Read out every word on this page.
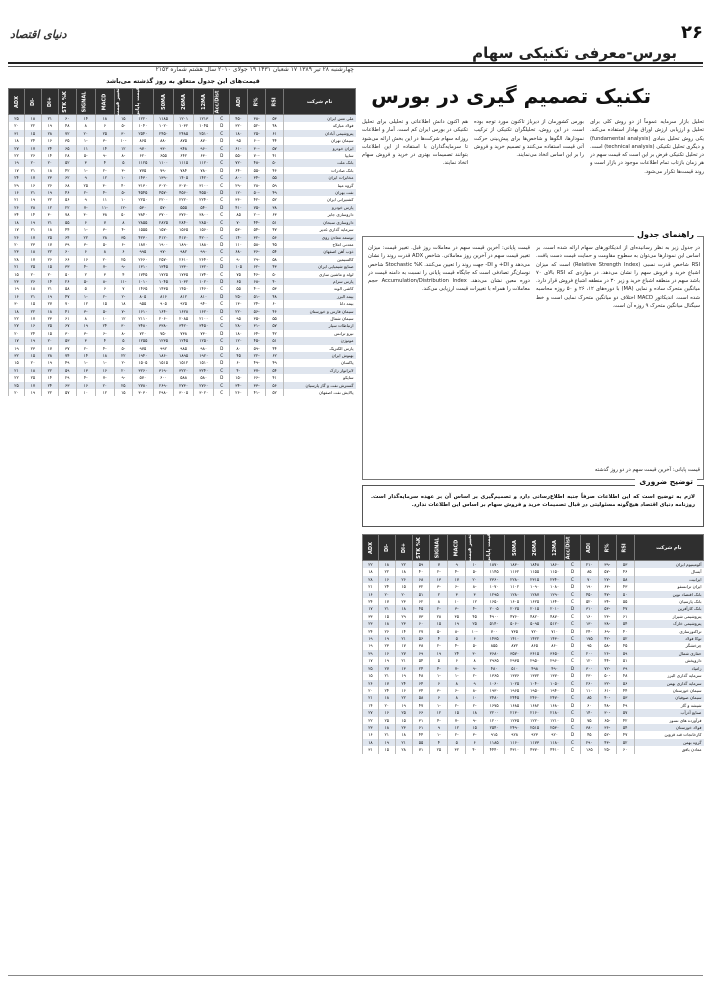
دنیای اقتصاد	۲۶
بورس-معرفی تکنیکی سهام
چهارشنبه ۲۸ تیر ۱۳۸۹ ۱۷ شعبان ۱۴۳۱ ۱۹ جولای ۲۰۱۰ سال هشتم شماره ۲۱۵۳
قیمت‌های این جدول متعلق به روز گذشته می‌باشد
تکنیک تصمیم گیری در بورس
تحلیل بازار سرمایه عموماً از دو روش کلی برای تحلیل و ارزیابی ارزش اوراق بهادار استفاده می‌کند. یکی روش تحلیل بنیادی (fundamental analysis) و دیگری تحلیل تکنیکی (technical analysis) است. در تحلیل تکنیکی فرض بر این است که قیمت سهم در هر زمان بازتاب تمام اطلاعات موجود در بازار است و روند قیمت‌ها تکرار می‌شود.
بورس کشورمان از دیرباز تاکنون مورد توجه بوده است. در این روش، تحلیلگران تکنیکی از ترکیب نمودارها، الگوها و شاخص‌ها برای پیش‌بینی حرکت آتی قیمت استفاده می‌کنند و تصمیم خرید و فروش را بر این اساس اتخاذ می‌نمایند.
هم اکنون دانش اطلاعاتی و تحلیلی برای تحلیل تکنیکی در بورس ایران کم است. آمار و اطلاعات روزانه سهام شرکت‌ها در این بخش ارائه می‌شود تا سرمایه‌گذاران با استفاده از این اطلاعات بتوانند تصمیمات بهتری در خرید و فروش سهام اتخاذ نمایند.
راهنمای جدول
در جدول زیر به نظر رسانیده‌ای از اندیکاتورهای سهام ارائه شده است. بر اساس این نمودارها می‌توان به سطوح مقاومت و حمایت قیمت دست یافت. RSI شاخص قدرت نسبی (Relative Strength Index) است که میزان اشباع خرید و فروش سهم را نشان می‌دهد. در مواردی که RSI بالای ۷۰ باشد سهم در منطقه اشباع خرید و زیر ۳۰ در منطقه اشباع فروش قرار دارد. میانگین متحرک ساده و نمایی (MA) با دوره‌های ۱۲، ۲۶ و ۵۰ روزه محاسبه شده است. اندیکاتور MACD اختلاف دو میانگین متحرک نمایی است و خط سیگنال میانگین متحرک ۹ روزه آن است.
قیمت پایانی: آخرین قیمت سهم در معاملات روز قبل. تغییر قیمت: میزان تغییر قیمت سهم در آخرین روز معاملاتی. شاخص ADX قدرت روند را نشان می‌دهد و DI+ و DI- جهت روند را تعیین می‌کنند. Stochastic %K شاخص نوسان‌گر تصادفی است که جایگاه قیمت پایانی را نسبت به دامنه قیمت در دوره معین نشان می‌دهد. Accumulation/Distribution Index حجم معاملات را همراه با تغییرات قیمت ارزیابی می‌کند.
قیمت پایانی: آخرین قیمت سهم در دو روز گذشته
توضیح ضروری
لازم به توضیح است که این اطلاعات صرفاً جنبه اطلاع‌رسانی دارد و تصمیم‌گیری بر اساس آن بر عهده سرمایه‌گذار است. روزنامه دنیای اقتصاد هیچ‌گونه مسئولیتی در قبال تصمیمات خرید و فروش سهام بر اساس این اطلاعات ندارد.
نام شرکت	RSI	%R	ADI	Acc/Dist	12MA	26MA	50MA	قیمت پایانی	تغییر قیمت	MACD	SIGNAL	STK %K	+DI	-DI	ADX
ملی مس ایران	۵۳	-۳۸	۴۵۰	C	۱۲۱۳	۱۲۰۱	۱۱۸۵	۱۲۲۰	۱۵	۱۸	۱۴	۶۰	۲۱	۱۸	۲۵
فولاد مبارکه	۴۸	-۵۲	۳۲۰	D	۱۰۴۵	۱۰۳۲	۱۰۲۰	۱۰۴۰	-۵	۶	۸	۴۸	۱۹	۲۲	۲۰
پتروشیمی آبادان	۶۱	-۲۵	۱۸۰	C	۲۵۱۰	۲۴۸۵	۲۴۵۰	۲۵۴۰	۳۰	۲۵	۲۰	۷۲	۲۸	۱۵	۳۱
سیمان تهران	۴۴	-۶۰	۹۵	D	۸۷۰	۸۷۵	۸۸۰	۸۶۵	-۱۰	-۳	-۱	۳۵	۱۶	۲۴	۱۸
ایران خودرو	۵۷	-۳۰	۶۱۰	C	۹۶۰	۹۴۸	۹۳۰	۹۷۰	۱۲	۱۴	۱۱	۶۵	۲۴	۱۷	۲۷
سایپا	۴۱	-۷۰	۵۵۰	D	۶۳۰	۶۴۲	۶۵۵	۶۲۰	-۸	-۹	-۵	۲۸	۱۴	۲۶	۲۲
بانک ملت	۵۰	-۴۸	۷۲۰	C	۱۱۲۰	۱۱۱۵	۱۱۰۰	۱۱۲۵	۵	۴	۳	۵۲	۲۰	۲۰	۱۹
بانک صادرات	۴۶	-۵۵	۶۴۰	D	۷۸۰	۷۸۴	۷۹۰	۷۷۵	-۳	-۲	-۱	۴۲	۱۸	۲۱	۱۷
مخابرات ایران	۵۵	-۳۴	۸۰۰	C	۱۴۲۰	۱۴۰۵	۱۳۹۰	۱۴۳۰	۱۰	۱۲	۹	۶۲	۲۳	۱۷	۲۴
گروه مپنا	۵۹	-۲۸	۲۹۰	C	۳۱۰۰	۳۰۷۰	۳۰۲۰	۳۱۳۰	۴۰	۳۰	۲۵	۶۸	۲۶	۱۶	۲۹
نفت بهران	۴۹	-۵۰	۱۲۰	D	۴۵۵۰	۴۵۶۰	۴۵۷۰	۴۵۴۵	-۵	-۴	-۲	۴۶	۱۹	۲۱	۱۶
کشتیرانی ایران	۵۲	-۴۲	۳۶۰	C	۲۲۴۰	۲۲۲۰	۲۲۰۰	۲۲۵۰	۱۰	۱۱	۹	۵۶	۲۲	۱۹	۲۱
پارس خودرو	۳۸	-۷۵	۴۱۰	D	۵۴۰	۵۵۵	۵۷۰	۵۳۰	-۱۲	-۱۱	-۷	۲۲	۱۲	۲۸	۲۶
داروسازی جابر	۶۳	-۲۰	۸۵	C	۳۸۰۰	۳۷۶۰	۳۷۰۰	۳۸۴۰	۵۰	۳۸	۳۰	۷۸	۳۰	۱۴	۳۴
داروسازی سبحان	۵۱	-۴۴	۷۰	C	۲۸۵۰	۲۸۴۰	۲۸۲۵	۲۸۵۵	۸	۷	۶	۵۵	۲۱	۱۹	۱۸
سرمایه گذاری غدیر	۴۷	-۵۴	۵۳۰	D	۱۵۶۰	۱۵۶۵	۱۵۷۰	۱۵۵۵	-۴	-۳	-۱	۴۴	۱۸	۲۱	۱۷
توسعه معادن روی	۵۶	-۳۲	۱۴۰	C	۴۲۰۰	۴۱۷۰	۴۱۲۰	۴۲۳۰	۳۵	۲۸	۲۲	۶۴	۲۵	۱۷	۲۶
معدنی املاح	۴۵	-۵۸	۱۱۰	D	۱۸۸۰	۱۸۹۰	۱۹۰۰	۱۸۷۰	-۶	-۵	-۳	۳۹	۱۷	۲۳	۲۰
ذوب آهن اصفهان	۵۴	-۳۶	۶۸۰	C	۹۹۰	۹۸۲	۹۷۰	۹۹۵	۶	۸	۶	۶۰	۲۲	۱۸	۲۳
کالسیمین	۵۸	-۲۹	۹۰	C	۲۶۴۰	۲۶۱۰	۲۵۷۰	۲۶۶۰	۲۵	۲۰	۱۶	۶۶	۲۶	۱۷	۲۸
صنایع شیمیایی ایران	۴۳	-۶۲	۱۰۵	D	۱۳۲۰	۱۳۳۰	۱۳۴۵	۱۳۱۰	-۹	-۷	-۴	۳۳	۱۵	۲۵	۲۱
لوله و ماشین سازی	۵۰	-۴۶	۷۵	C	۱۷۴۰	۱۷۳۵	۱۷۲۵	۱۷۴۵	۴	۳	۲	۵۰	۲۰	۲۰	۱۵
پارس سرام	۴۰	-۶۸	۶۵	D	۱۰۲۰	۱۰۳۲	۱۰۴۵	۱۰۱۰	-۱۱	-۸	-۵	۲۶	۱۴	۲۶	۲۳
کاشی الوند	۵۳	-۴۰	۵۵	C	۱۴۶۰	۱۴۵۰	۱۴۳۵	۱۴۶۵	۷	۶	۵	۵۸	۲۱	۱۸	۱۹
بیمه البرز	۴۸	-۵۱	۲۵۰	D	۸۱۰	۸۱۲	۸۱۶	۸۰۵	-۲	-۲	-۱	۴۷	۱۹	۲۱	۱۶
بیمه دانا	۶۰	-۲۴	۱۳۰	C	۹۴۰	۹۲۵	۹۰۵	۹۵۵	۱۸	۱۵	۱۲	۷۰	۲۷	۱۵	۳۰
سیمان فارس و خوزستان	۴۶	-۵۶	۲۲۰	D	۱۶۲۰	۱۶۲۸	۱۶۴۰	۱۶۱۰	-۷	-۵	-۳	۴۱	۱۸	۲۲	۱۸
سیمان شمال	۵۵	-۳۵	۹۵	C	۲۱۰۰	۲۰۸۵	۲۰۶۰	۲۱۱۰	۱۲	۱۰	۸	۶۱	۲۳	۱۷	۲۲
ارتباطات سیار	۵۷	-۳۱	۲۸۰	C	۳۴۵۰	۳۴۲۰	۳۳۸۰	۳۴۸۰	۳۰	۲۴	۱۹	۶۷	۲۵	۱۶	۲۷
نیرو ترانس	۴۲	-۶۴	۱۸۰	D	۷۳۰	۷۳۸	۷۵۰	۷۲۰	-۸	-۶	-۳	۳۰	۱۵	۲۴	۲۰
موتوژن	۵۱	-۴۵	۱۲۰	C	۱۲۵۰	۱۲۴۵	۱۲۳۵	۱۲۵۵	۵	۴	۳	۵۳	۲۰	۱۹	۱۷
پارس الکتریک	۴۴	-۵۹	۸۰	D	۹۸۰	۹۸۵	۹۹۲	۹۷۵	-۵	-۴	-۲	۳۷	۱۷	۲۳	۱۹
بهنوش ایران	۶۲	-۲۲	۴۵	C	۱۹۲۰	۱۸۹۵	۱۸۶۰	۱۹۴۰	۲۲	۱۸	۱۴	۷۴	۲۸	۱۵	۳۲
پاکسان	۴۹	-۴۹	۶۰	D	۱۵۱۰	۱۵۱۲	۱۵۱۵	۱۵۰۵	-۲	-۱	-۱	۴۹	۱۹	۲۰	۱۵
لابراتوار رازک	۵۴	-۳۷	۴۰	C	۳۲۴۰	۳۲۲۰	۳۱۹۰	۳۲۶۰	۲۰	۱۶	۱۳	۵۹	۲۲	۱۸	۲۱
ساپکو	۴۱	-۶۶	۱۵۰	D	۵۸۰	۵۸۸	۶۰۰	۵۷۰	-۹	-۷	-۴	۲۹	۱۴	۲۵	۲۲
گسترش نفت و گاز پارسیان	۵۶	-۳۳	۳۴۰	C	۲۷۶۰	۲۷۳۰	۲۶۹۰	۲۷۸۰	۲۵	۲۰	۱۶	۶۳	۲۴	۱۷	۲۵
پالایش نفت اصفهان	۵۲	-۴۱	۲۶۰	C	۳۰۲۰	۳۰۰۵	۲۹۸۰	۳۰۳۰	۱۵	۱۲	۱۰	۵۷	۲۲	۱۹	۲۰
نام شرکت	RSI	%R	ADI	Acc/Dist	12MA	26MA	50MA	قیمت پایانی	تغییر قیمت	MACD	SIGNAL	STK %K	+DI	-DI	ADX
آلومینیوم ایران	۵۳	-۳۹	۲۱۰	C	۱۸۶۰	۱۸۴۸	۱۸۳۰	۱۸۷۰	۱۰	۹	۷	۵۹	۲۲	۱۸	۲۲
آبسال	۴۶	-۵۷	۸۵	D	۱۱۵۰	۱۱۵۵	۱۱۶۲	۱۱۴۵	-۵	-۴	-۲	۴۰	۱۸	۲۲	۱۸
ایرانیت	۵۸	-۲۷	۷۰	C	۲۳۴۰	۲۳۱۵	۲۲۸۰	۲۳۶۰	۲۰	۱۷	۱۳	۶۸	۲۶	۱۶	۲۸
ایران ترانسفو	۴۳	-۶۳	۱۹۰	D	۱۰۸۰	۱۰۹۰	۱۱۰۲	۱۰۷۰	-۸	-۶	-۳	۳۲	۱۵	۲۴	۲۱
بانک اقتصاد نوین	۵۰	-۴۷	۴۵۰	C	۱۲۹۰	۱۲۸۷	۱۲۸۰	۱۲۹۵	۳	۳	۲	۵۱	۲۰	۲۰	۱۶
بانک پارسیان	۵۵	-۳۴	۵۲۰	C	۱۶۴۰	۱۶۲۵	۱۶۰۵	۱۶۵۰	۱۲	۱۰	۸	۶۲	۲۳	۱۷	۲۴
بانک کارآفرین	۴۷	-۵۳	۳۱۰	D	۲۰۱۰	۲۰۱۵	۲۰۲۵	۲۰۰۵	-۴	-۳	-۲	۴۵	۱۸	۲۱	۱۷
پتروشیمی شیراز	۶۱	-۲۳	۱۶۰	C	۴۸۷۰	۴۸۲۰	۴۷۶۰	۴۹۰۰	۴۵	۳۵	۲۸	۷۳	۲۹	۱۵	۳۳
پتروشیمی خارک	۵۴	-۳۸	۱۳۰	C	۵۱۲۰	۵۰۹۵	۵۰۶۰	۵۱۴۰	۲۵	۱۹	۱۵	۶۰	۲۳	۱۸	۲۳
تراکتورسازی	۴۰	-۶۹	۲۴۰	D	۷۱۰	۷۲۰	۷۳۵	۷۰۰	-۱۰	-۸	-۵	۲۷	۱۴	۲۶	۲۴
توکا فولاد	۵۲	-۴۲	۱۷۵	C	۱۴۳۰	۱۴۲۲	۱۴۱۰	۱۴۳۵	۶	۵	۴	۵۶	۲۱	۱۹	۱۹
چرخشگر	۴۵	-۵۸	۹۵	D	۸۶۰	۸۶۵	۸۷۲	۸۵۵	-۵	-۴	-۲	۳۸	۱۷	۲۳	۱۹
حفاری شمال	۵۹	-۲۶	۲۰۰	C	۳۶۵۰	۳۶۱۵	۳۵۷۰	۳۶۸۰	۳۰	۲۴	۱۹	۶۹	۲۷	۱۶	۲۹
داروپخش	۵۱	-۴۴	۱۲۰	C	۲۹۶۰	۲۹۵۰	۲۹۳۵	۲۹۶۵	۸	۶	۵	۵۴	۲۱	۱۹	۱۷
زامیاد	۳۹	-۷۲	۳۰۰	D	۴۹۰	۴۹۸	۵۱۰	۴۸۰	-۹	-۷	-۴	۲۴	۱۳	۲۷	۲۵
سرمایه گذاری البرز	۴۸	-۵۰	۲۳۰	D	۱۳۷۰	۱۳۷۲	۱۳۷۶	۱۳۶۵	-۲	-۱	-۱	۴۸	۱۹	۲۱	۱۵
سرمایه گذاری بهمن	۵۶	-۳۲	۲۶۰	C	۱۰۵۰	۱۰۴۰	۱۰۲۵	۱۰۶۰	۹	۸	۶	۶۴	۲۴	۱۷	۲۶
سیمان خوزستان	۴۴	-۶۱	۱۱۰	D	۱۹۴۰	۱۹۵۰	۱۹۶۵	۱۹۳۰	-۸	-۶	-۳	۳۴	۱۶	۲۴	۲۰
سیمان صوفیان	۵۳	-۴۰	۸۵	C	۲۴۷۰	۲۴۶۰	۲۴۴۵	۲۴۸۰	۱۰	۸	۶	۵۸	۲۲	۱۸	۲۱
شیشه و گاز	۴۹	-۴۸	۶۰	D	۱۶۸۰	۱۶۸۲	۱۶۸۵	۱۶۷۵	-۲	-۲	-۱	۴۷	۱۹	۲۰	۱۴
صنایع آذرآب	۵۷	-۳۰	۱۴۰	C	۲۱۸۰	۲۱۶۰	۲۱۳۰	۲۲۰۰	۱۸	۱۵	۱۲	۶۶	۲۵	۱۶	۲۷
فرآورده های نسوز	۴۲	-۶۵	۷۵	D	۱۲۱۰	۱۲۲۰	۱۲۳۵	۱۲۰۰	-۹	-۷	-۴	۳۱	۱۵	۲۵	۲۲
فولاد خوزستان	۵۴	-۳۶	۳۸۰	C	۲۵۳۰	۲۵۱۵	۲۴۹۰	۲۵۴۰	۱۵	۱۲	۹	۶۱	۲۳	۱۸	۲۳
کارخانجات قند قزوین	۴۷	-۵۲	۴۵	D	۹۲۰	۹۲۳	۹۲۸	۹۱۵	-۳	-۲	-۱	۴۴	۱۸	۲۱	۱۶
گروه بهمن	۵۲	-۴۳	۲۹۰	C	۱۱۸۰	۱۱۷۳	۱۱۶۰	۱۱۸۵	۶	۵	۴	۵۵	۲۱	۱۹	۱۸
معادن بافق	۶۰	-۲۵	۱۶۵	C	۴۴۱۰	۴۳۷۰	۴۳۱۰	۴۴۴۰	۴۰	۳۲	۲۵	۷۱	۲۸	۱۵	۳۱
